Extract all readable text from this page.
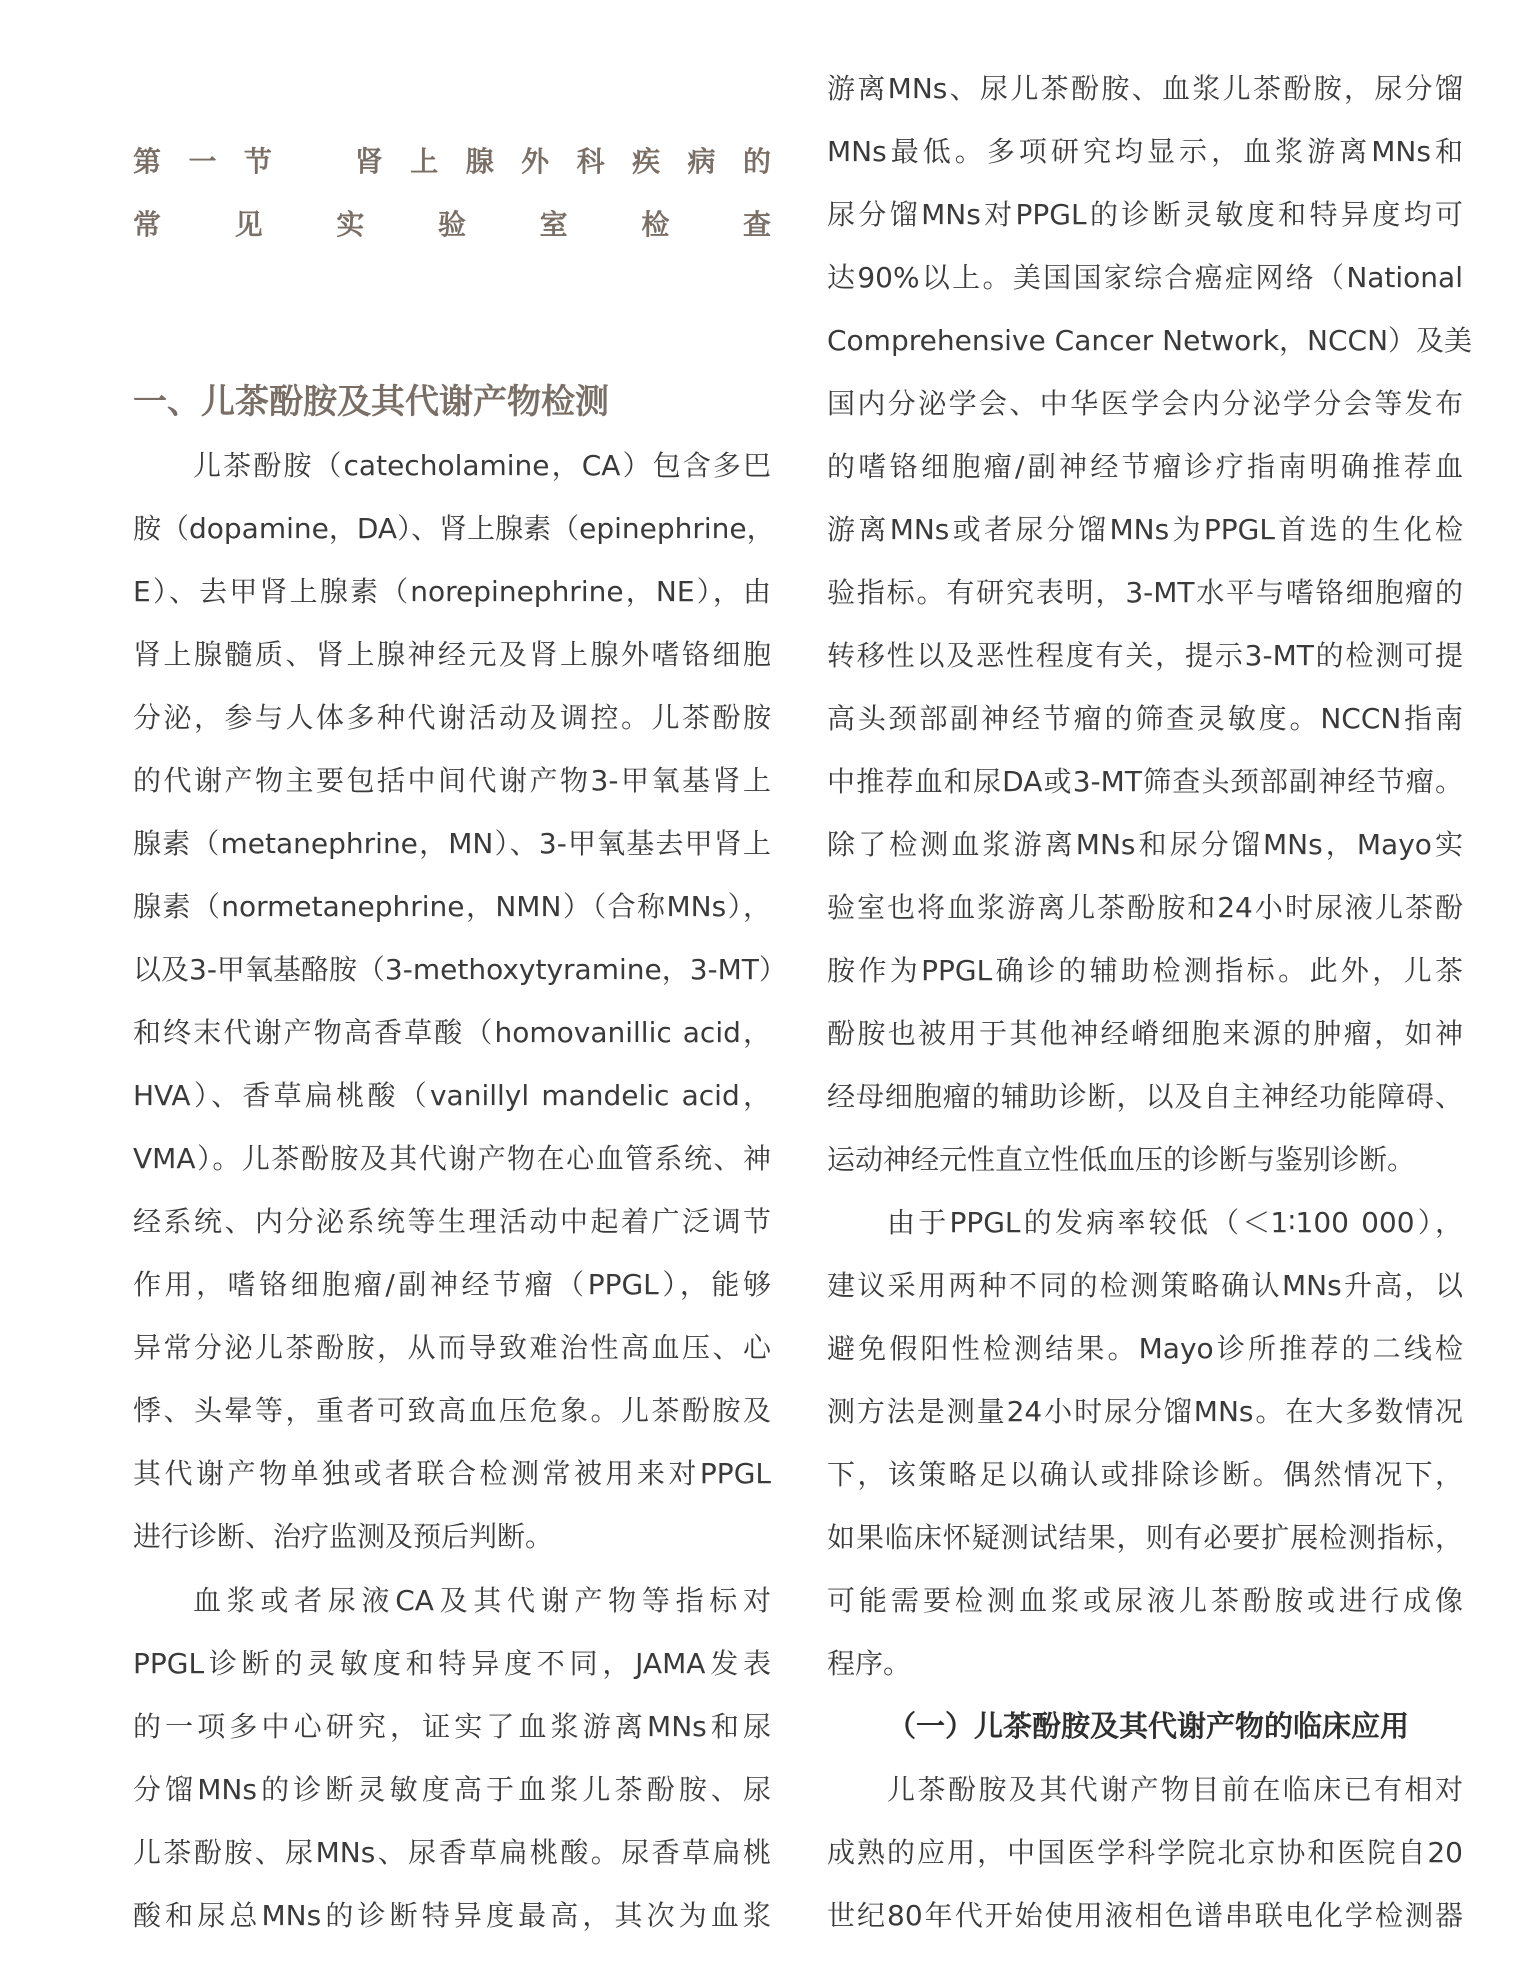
第一节　肾上腺外科疾病的
常见实验室检查
一、儿茶酚胺及其代谢产物检测
儿茶酚胺（catecholamine，CA）包含多巴
胺（dopamine，DA）、肾上腺素（epinephrine，
E）、去甲肾上腺素（norepinephrine，NE），由
肾上腺髓质、肾上腺神经元及肾上腺外嗜铬细胞
分泌，参与人体多种代谢活动及调控。儿茶酚胺
的代谢产物主要包括中间代谢产物3-甲氧基肾上
腺素（metanephrine，MN）、3-甲氧基去甲肾上
腺素（normetanephrine，NMN）（合称MNs），
以及3-甲氧基酪胺（3-methoxytyramine，3-MT）
和终末代谢产物高香草酸（homovanillic acid，
HVA）、香草扁桃酸（vanillyl mandelic acid，
VMA）。儿茶酚胺及其代谢产物在心血管系统、神
经系统、内分泌系统等生理活动中起着广泛调节
作用，嗜铬细胞瘤/副神经节瘤（PPGL），能够
异常分泌儿茶酚胺，从而导致难治性高血压、心
悸、头晕等，重者可致高血压危象。儿茶酚胺及
其代谢产物单独或者联合检测常被用来对PPGL
进行诊断、治疗监测及预后判断。
血浆或者尿液CA及其代谢产物等指标对
PPGL诊断的灵敏度和特异度不同，JAMA发表
的一项多中心研究，证实了血浆游离MNs和尿
分馏MNs的诊断灵敏度高于血浆儿茶酚胺、尿
儿茶酚胺、尿MNs、尿香草扁桃酸。尿香草扁桃
酸和尿总MNs的诊断特异度最高，其次为血浆
游离MNs、尿儿茶酚胺、血浆儿茶酚胺，尿分馏
MNs最低。多项研究均显示，血浆游离MNs和
尿分馏MNs对PPGL的诊断灵敏度和特异度均可
达90%以上。美国国家综合癌症网络（National
Comprehensive Cancer Network，NCCN）及美
国内分泌学会、中华医学会内分泌学分会等发布
的嗜铬细胞瘤/副神经节瘤诊疗指南明确推荐血
游离MNs或者尿分馏MNs为PPGL首选的生化检
验指标。有研究表明，3-MT水平与嗜铬细胞瘤的
转移性以及恶性程度有关，提示3-MT的检测可提
高头颈部副神经节瘤的筛查灵敏度。NCCN指南
中推荐血和尿DA或3-MT筛查头颈部副神经节瘤。
除了检测血浆游离MNs和尿分馏MNs，Mayo实
验室也将血浆游离儿茶酚胺和24小时尿液儿茶酚
胺作为PPGL确诊的辅助检测指标。此外，儿茶
酚胺也被用于其他神经嵴细胞来源的肿瘤，如神
经母细胞瘤的辅助诊断，以及自主神经功能障碍、
运动神经元性直立性低血压的诊断与鉴别诊断。
由于PPGL的发病率较低（＜1∶100 000），
建议采用两种不同的检测策略确认MNs升高，以
避免假阳性检测结果。Mayo诊所推荐的二线检
测方法是测量24小时尿分馏MNs。在大多数情况
下，该策略足以确认或排除诊断。偶然情况下，
如果临床怀疑测试结果，则有必要扩展检测指标，
可能需要检测血浆或尿液儿茶酚胺或进行成像
程序。
（一）儿茶酚胺及其代谢产物的临床应用
儿茶酚胺及其代谢产物目前在临床已有相对
成熟的应用，中国医学科学院北京协和医院自20
世纪80年代开始使用液相色谱串联电化学检测器
